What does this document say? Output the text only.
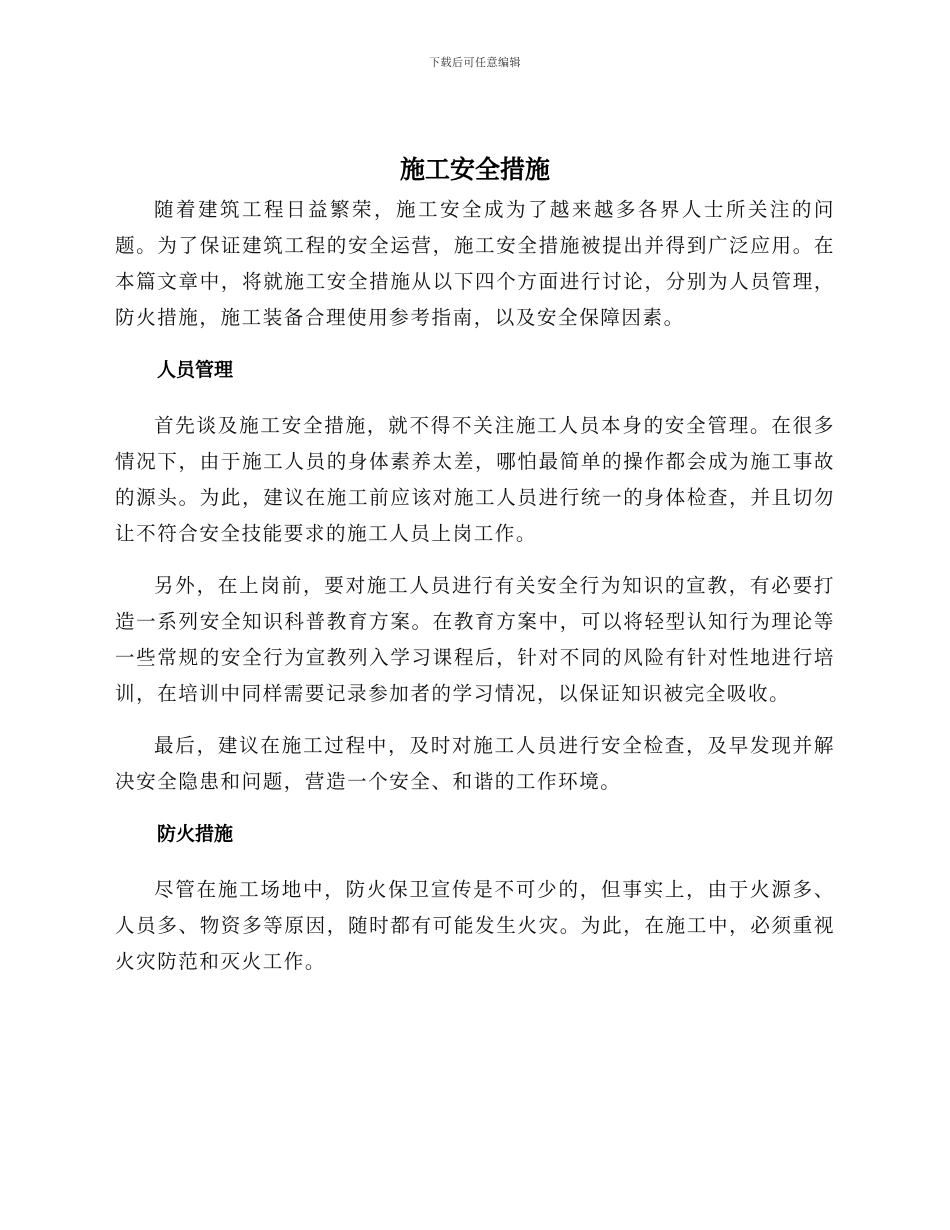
下载后可任意编辑
施工安全措施

随着建筑工程日益繁荣，施工安全成为了越来越多各界人士所关注的问题。为了保证建筑工程的安全运营，施工安全措施被提出并得到广泛应用。在本篇文章中，将就施工安全措施从以下四个方面进行讨论，分别为人员管理，防火措施，施工装备合理使用参考指南，以及安全保障因素。

人员管理

首先谈及施工安全措施，就不得不关注施工人员本身的安全管理。在很多情况下，由于施工人员的身体素养太差，哪怕最简单的操作都会成为施工事故的源头。为此，建议在施工前应该对施工人员进行统一的身体检查，并且切勿让不符合安全技能要求的施工人员上岗工作。

另外，在上岗前，要对施工人员进行有关安全行为知识的宣教，有必要打造一系列安全知识科普教育方案。在教育方案中，可以将轻型认知行为理论等一些常规的安全行为宣教列入学习课程后，针对不同的风险有针对性地进行培训，在培训中同样需要记录参加者的学习情况，以保证知识被完全吸收。

最后，建议在施工过程中，及时对施工人员进行安全检查，及早发现并解决安全隐患和问题，营造一个安全、和谐的工作环境。

防火措施

尽管在施工场地中，防火保卫宣传是不可少的，但事实上，由于火源多、人员多、物资多等原因，随时都有可能发生火灾。为此，在施工中，必须重视火灾防范和灭火工作。
